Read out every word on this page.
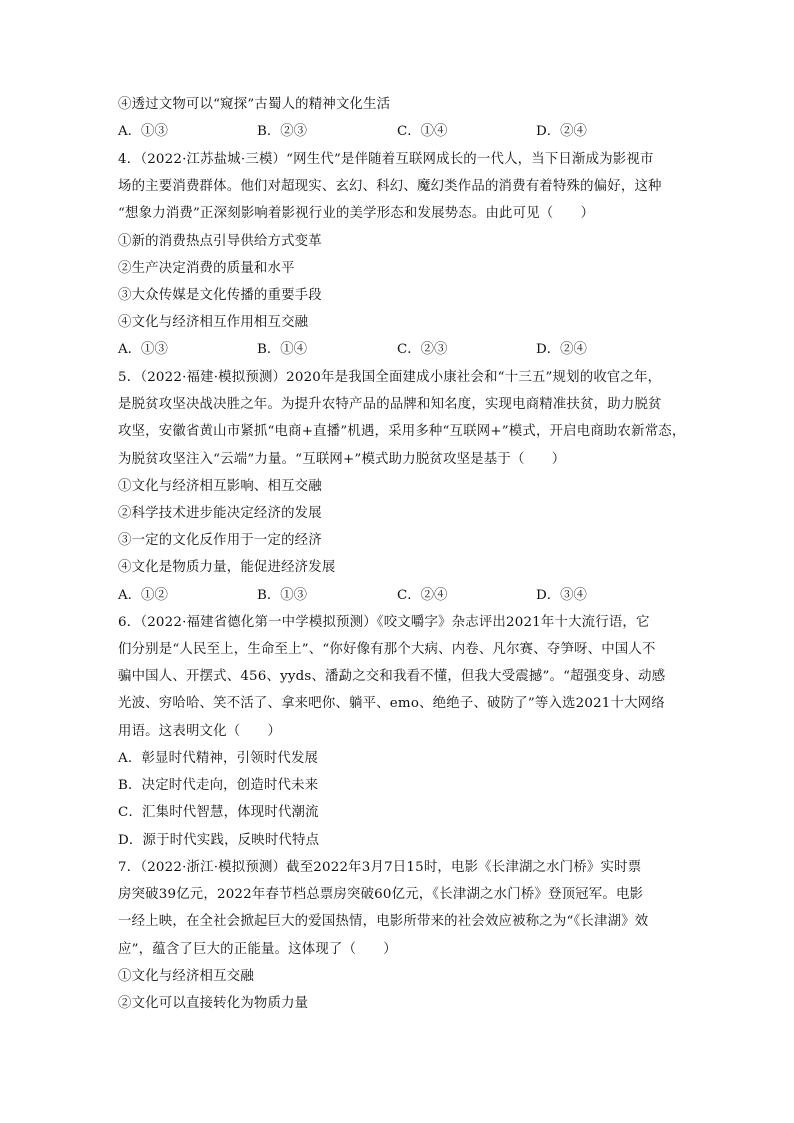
④透过文物可以“窥探”古蜀人的精神文化生活
A．①③	B．②③	C．①④	D．②④
4．（2022·江苏盐城·三模）“网生代”是伴随着互联网成长的一代人，当下日渐成为影视市
场的主要消费群体。他们对超现实、玄幻、科幻、魔幻类作品的消费有着特殊的偏好，这种
“想象力消费”正深刻影响着影视行业的美学形态和发展势态。由此可见（　　）
①新的消费热点引导供给方式变革
②生产决定消费的质量和水平
③大众传媒是文化传播的重要手段
④文化与经济相互作用相互交融
A．①③	B．①④	C．②③	D．②④
5．（2022·福建·模拟预测）2020年是我国全面建成小康社会和“十三五”规划的收官之年，
是脱贫攻坚决战决胜之年。为提升农特产品的品牌和知名度，实现电商精准扶贫，助力脱贫
攻坚，安徽省黄山市紧抓“电商+直播”机遇，采用多种“互联网+”模式，开启电商助农新常态，
为脱贫攻坚注入“云端”力量。“互联网+”模式助力脱贫攻坚是基于（　　）
①文化与经济相互影响、相互交融
②科学技术进步能决定经济的发展
③一定的文化反作用于一定的经济
④文化是物质力量，能促进经济发展
A．①②	B．①③	C．②④	D．③④
6．（2022·福建省德化第一中学模拟预测）《咬文嚼字》杂志评出2021年十大流行语，它
们分别是“人民至上，生命至上”、“你好像有那个大病、内卷、凡尔赛、夺笋呀、中国人不
骗中国人、开摆式、456、yyds、潘勐之交和我看不懂，但我大受震撼”。“超强变身、动感
光波、穷哈哈、笑不活了、拿来吧你、躺平、emo、绝绝子、破防了”等入选2021十大网络
用语。这表明文化（　　）
A．彰显时代精神，引领时代发展
B．决定时代走向，创造时代未来
C．汇集时代智慧，体现时代潮流
D．源于时代实践，反映时代特点
7．（2022·浙江·模拟预测）截至2022年3月7日15时，电影《长津湖之水门桥》实时票
房突破39亿元，2022年春节档总票房突破60亿元，《长津湖之水门桥》登顶冠军。电影
一经上映，在全社会掀起巨大的爱国热情，电影所带来的社会效应被称之为“《长津湖》效
应”，蕴含了巨大的正能量。这体现了（　　）
①文化与经济相互交融
②文化可以直接转化为物质力量
